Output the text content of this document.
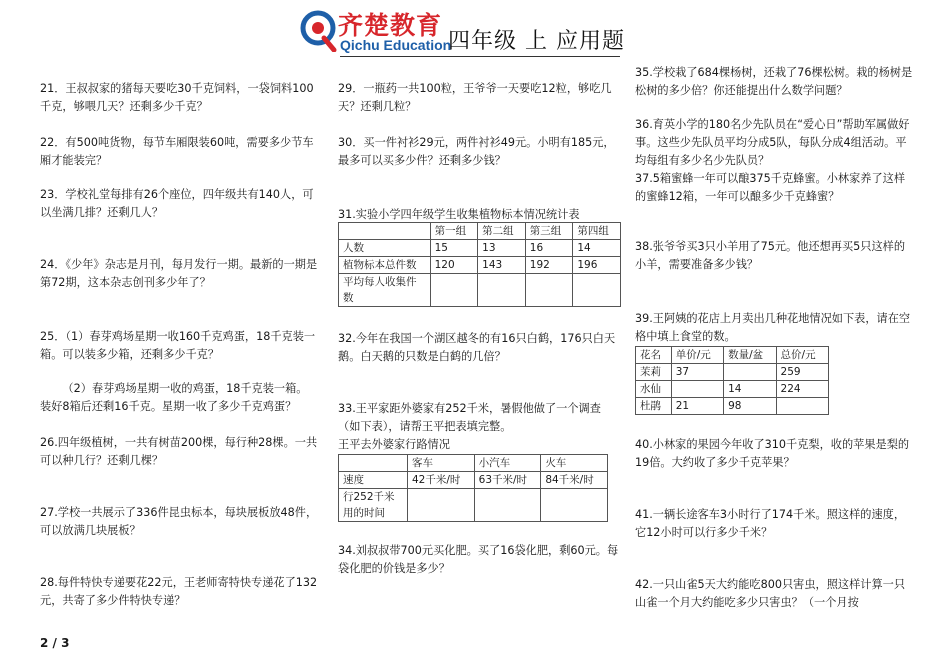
齐楚教育
Qichu Education
四年级 上 应用题

21．王叔叔家的猪每天要吃30千克饲料，一袋饲料100千克，够喂几天？还剩多少千克？

22．有500吨货物，每节车厢限装60吨，需要多少节车厢才能装完？

23．学校礼堂每排有26个座位，四年级共有140人，可以坐满几排？还剩几人？

24．《少年》杂志是月刊，每月发行一期。最新的一期是第72期，这本杂志创刊多少年了？

25．（1）春芽鸡场星期一收160千克鸡蛋，18千克装一箱。可以装多少箱，还剩多少千克？

（2）春芽鸡场星期一收的鸡蛋，18千克装一箱。装好8箱后还剩16千克。星期一收了多少千克鸡蛋？

26.四年级植树，一共有树苗200棵，每行种28棵。一共可以种几行？还剩几棵？

27.学校一共展示了336件昆虫标本，每块展板放48件，可以放满几块展板？

28.每件特快专递要花22元，王老师寄特快专递花了132元，共寄了多少件特快专递？

29．一瓶药一共100粒，王爷爷一天要吃12粒，够吃几天？还剩几粒？

30．买一件衬衫29元，两件衬衫49元。小明有185元，最多可以买多少件？还剩多少钱？

31.实验小学四年级学生收集植物标本情况统计表

	第一组	第二组	第三组	第四组
人数	15	13	16	14
植物标本总件数	120	143	192	196
平均每人收集件数				

32.今年在我国一个湖区越冬的有16只白鹤，176只白天鹅。白天鹅的只数是白鹤的几倍？

33.王平家距外婆家有252千米，暑假他做了一个调查（如下表），请帮王平把表填完整。

王平去外婆家行路情况

	客车	小汽车	火车
速度	42千米/时	63千米/时	84千米/时
行252千米用的时间			

34.刘叔叔带700元买化肥。买了16袋化肥，剩60元。每袋化肥的价钱是多少？

35.学校栽了684棵杨树，还栽了76棵松树。栽的杨树是松树的多少倍？你还能提出什么数学问题？

36.育英小学的180名少先队员在“爱心日”帮助军属做好事。这些少先队员平均分成5队，每队分成4组活动。平均每组有多少名少先队员？

37.5箱蜜蜂一年可以酿375千克蜂蜜。小林家养了这样的蜜蜂12箱，一年可以酿多少千克蜂蜜？

38.张爷爷买3只小羊用了75元。他还想再买5只这样的小羊，需要准备多少钱？

39.王阿姨的花店上月卖出几种花地情况如下表，请在空格中填上食堂的数。

花名	单价/元	数量/盆	总价/元
茉莉	37		259
水仙		14	224
杜鹃	21	98	

40.小林家的果园今年收了310千克梨，收的苹果是梨的19倍。大约收了多少千克苹果？

41.一辆长途客车3小时行了174千米。照这样的速度，它12小时可以行多少千米？

42.一只山雀5天大约能吃800只害虫，照这样计算一只山雀一个月大约能吃多少只害虫？（一个月按

2 / 3
